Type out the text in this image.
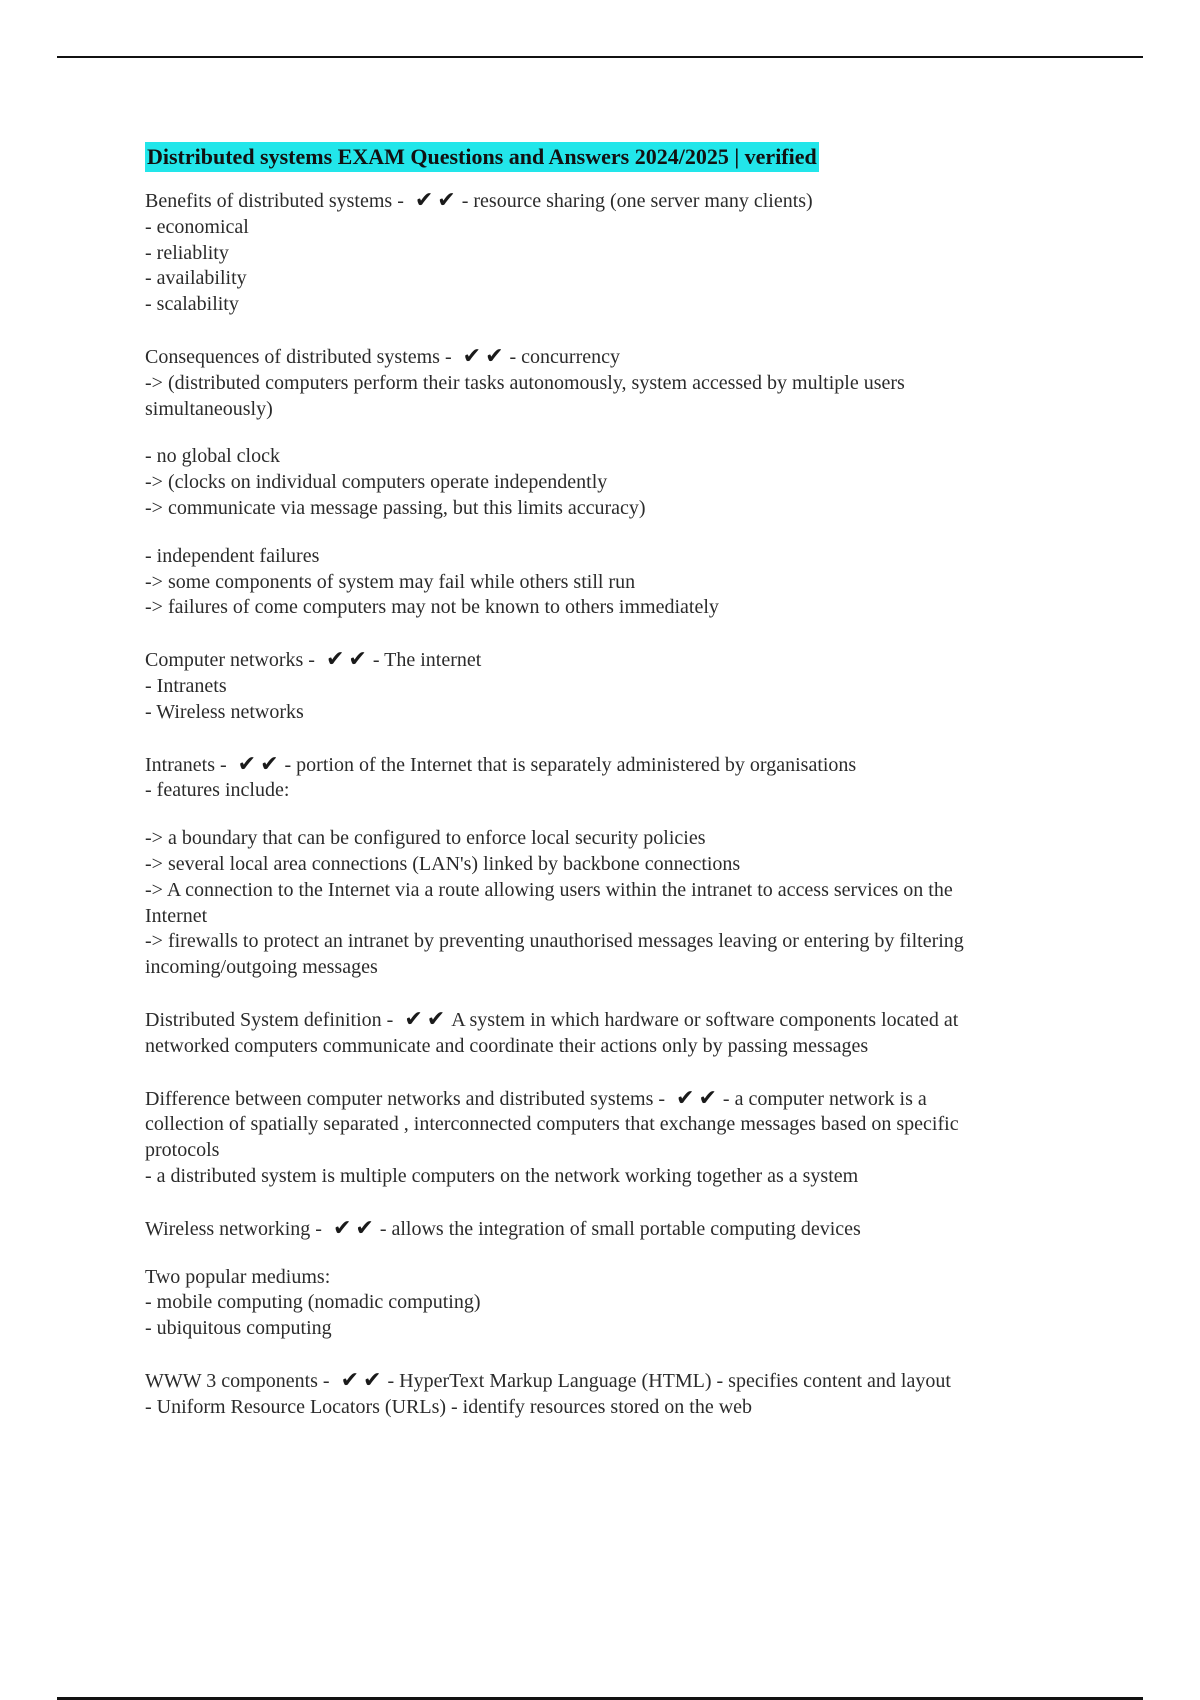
Distributed systems EXAM Questions and Answers 2024/2025 | verified
Benefits of distributed systems - ✔ ✔ - resource sharing (one server many clients)
- economical
- reliablity
- availability
- scalability
Consequences of distributed systems - ✔ ✔ - concurrency
-> (distributed computers perform their tasks autonomously, system accessed by multiple users
simultaneously)
- no global clock
-> (clocks on individual computers operate independently
-> communicate via message passing, but this limits accuracy)
- independent failures
-> some components of system may fail while others still run
-> failures of come computers may not be known to others immediately
Computer networks - ✔ ✔ - The internet
- Intranets
- Wireless networks
Intranets - ✔ ✔ - portion of the Internet that is separately administered by organisations
- features include:
-> a boundary that can be configured to enforce local security policies
-> several local area connections (LAN's) linked by backbone connections
-> A connection to the Internet via a route allowing users within the intranet to access services on the
Internet
-> firewalls to protect an intranet by preventing unauthorised messages leaving or entering by filtering
incoming/outgoing messages
Distributed System definition - ✔ ✔ A system in which hardware or software components located at
networked computers communicate and coordinate their actions only by passing messages
Difference between computer networks and distributed systems - ✔ ✔ - a computer network is a
collection of spatially separated , interconnected computers that exchange messages based on specific
protocols
- a distributed system is multiple computers on the network working together as a system
Wireless networking - ✔ ✔ - allows the integration of small portable computing devices
Two popular mediums:
- mobile computing (nomadic computing)
- ubiquitous computing
WWW 3 components - ✔ ✔ - HyperText Markup Language (HTML) - specifies content and layout
- Uniform Resource Locators (URLs) - identify resources stored on the web
